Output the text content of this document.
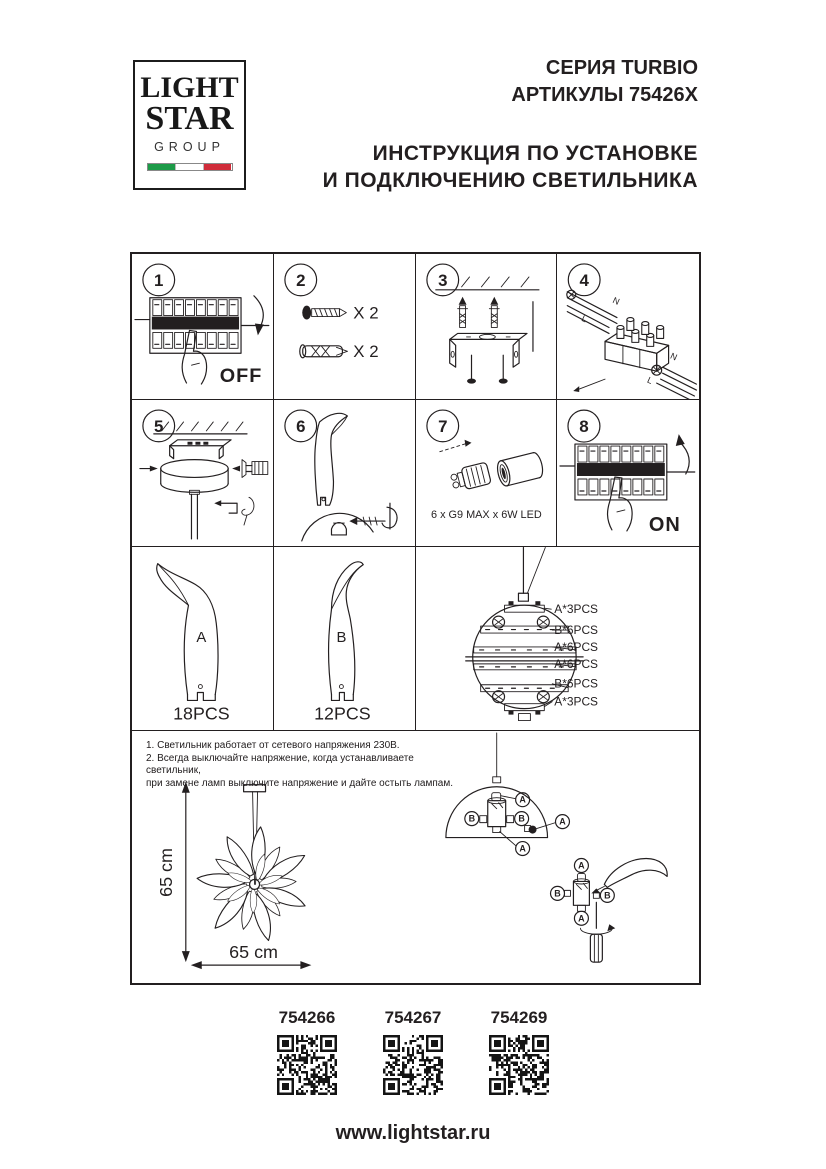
LIGHT
STAR
GROUP
СЕРИЯ TURBIO
АРТИКУЛЫ 75426X
ИНСТРУКЦИЯ ПО УСТАНОВКЕ
И ПОДКЛЮЧЕНИЮ СВЕТИЛЬНИКА
1
OFF
2
X 2
X 2
3	4
N
L
N
L
5	6	7
6 x G9 MAX x 6W LED
8
ON
A
18PCS
B
12PCS
A*3PCS
B*6PCS
A*6PCS
A*6PCS
B*6PCS
A*3PCS
65 cm
65 cm
A
B	B	A
A
A
B	B
A
1. Светильник работает от сетевого напряжения 230В.
2. Всегда выключайте напряжение, когда устанавливаете светильник,
при замене ламп выключите напряжение и дайте остыть лампам.
754266	754267	754269
www.lightstar.ru
